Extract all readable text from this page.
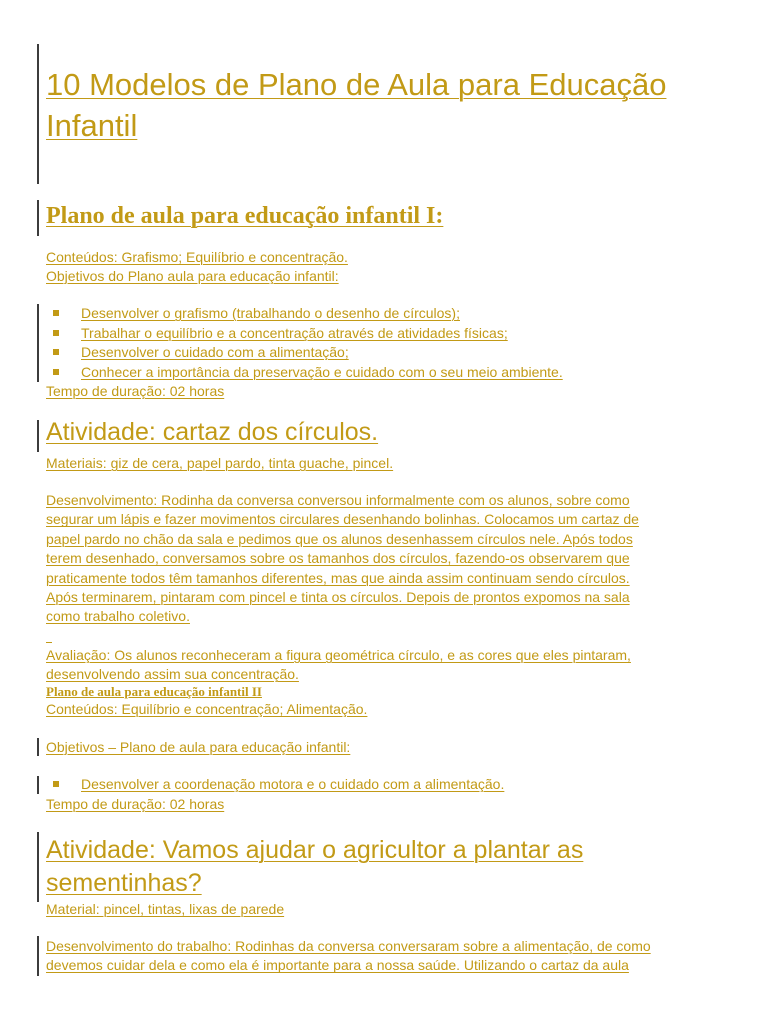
10 Modelos de Plano de Aula para Educação
Infantil
Plano de aula para educação infantil I:
Conteúdos: Grafismo; Equilíbrio e concentração.
Objetivos do Plano aula para educação infantil:
Desenvolver o grafismo (trabalhando o desenho de círculos);
Trabalhar o equilíbrio e a concentração através de atividades físicas;
Desenvolver o cuidado com a alimentação;
Conhecer a importância da preservação e cuidado com o seu meio ambiente.
Tempo de duração: 02 horas
Atividade: cartaz dos círculos.
Materiais: giz de cera, papel pardo, tinta guache, pincel.

Desenvolvimento: Rodinha da conversa conversou informalmente com os alunos, sobre como
segurar um lápis e fazer movimentos circulares desenhando bolinhas. Colocamos um cartaz de
papel pardo no chão da sala e pedimos que os alunos desenhassem círculos nele. Após todos
terem desenhado, conversamos sobre os tamanhos dos círculos, fazendo-os observarem que
praticamente todos têm tamanhos diferentes, mas que ainda assim continuam sendo círculos.
Após terminarem, pintaram com pincel e tinta os círculos. Depois de prontos expomos na sala
como trabalho coletivo.

Avaliação: Os alunos reconheceram a figura geométrica círculo, e as cores que eles pintaram,
desenvolvendo assim sua concentração.

Plano de aula para educação infantil II
Conteúdos: Equilíbrio e concentração; Alimentação.
Objetivos – Plano de aula para educação infantil:
Desenvolver a coordenação motora e o cuidado com a alimentação.
Tempo de duração: 02 horas
Atividade: Vamos ajudar o agricultor a plantar as
sementinhas?
Material: pincel, tintas, lixas de parede

Desenvolvimento do trabalho: Rodinhas da conversa conversaram sobre a alimentação, de como
devemos cuidar dela e como ela é importante para a nossa saúde. Utilizando o cartaz da aula
